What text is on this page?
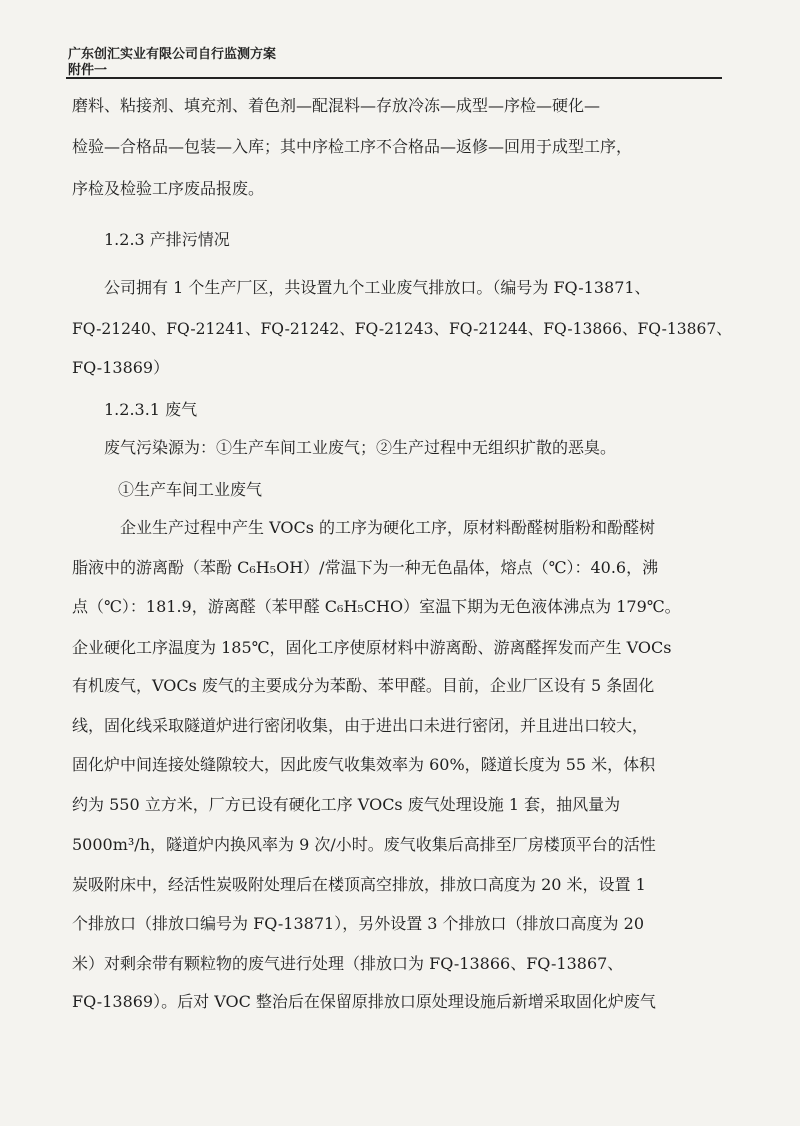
广东创汇实业有限公司自行监测方案
附件一
磨料、粘接剂、填充剂、着色剂—配混料—存放冷冻—成型—序检—硬化—
检验—合格品—包装—入库；其中序检工序不合格品—返修—回用于成型工序，
序检及检验工序废品报废。
1.2.3 产排污情况
公司拥有 1 个生产厂区，共设置九个工业废气排放口。（编号为 FQ-13871、
FQ-21240、FQ-21241、FQ-21242、FQ-21243、FQ-21244、FQ-13866、FQ-13867、
FQ-13869）
1.2.3.1 废气
废气污染源为：①生产车间工业废气；②生产过程中无组织扩散的恶臭。
①生产车间工业废气
企业生产过程中产生 VOCs 的工序为硬化工序，原材料酚醛树脂粉和酚醛树
脂液中的游离酚（苯酚 C₆H₅OH）/常温下为一种无色晶体，熔点（℃）：40.6，沸
点（℃）：181.9，游离醛（苯甲醛 C₆H₅CHO）室温下期为无色液体沸点为 179℃。
企业硬化工序温度为 185℃，固化工序使原材料中游离酚、游离醛挥发而产生 VOCs
有机废气，VOCs 废气的主要成分为苯酚、苯甲醛。目前，企业厂区设有 5 条固化
线，固化线采取隧道炉进行密闭收集，由于进出口未进行密闭，并且进出口较大，
固化炉中间连接处缝隙较大，因此废气收集效率为 60%，隧道长度为 55 米，体积
约为 550 立方米，厂方已设有硬化工序 VOCs 废气处理设施 1 套，抽风量为
5000m³/h，隧道炉内换风率为 9 次/小时。废气收集后高排至厂房楼顶平台的活性
炭吸附床中，经活性炭吸附处理后在楼顶高空排放，排放口高度为 20 米，设置 1
个排放口（排放口编号为 FQ-13871），另外设置 3 个排放口（排放口高度为 20
米）对剩余带有颗粒物的废气进行处理（排放口为 FQ-13866、FQ-13867、
FQ-13869）。后对 VOC 整治后在保留原排放口原处理设施后新增采取固化炉废气
